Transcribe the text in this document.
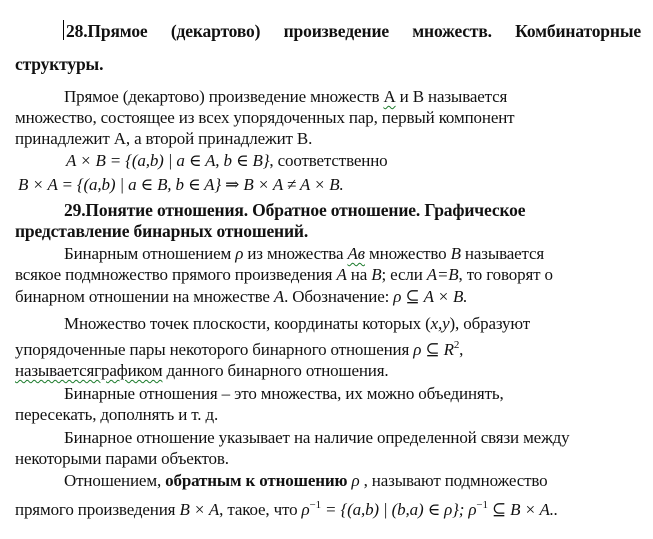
28.Прямое (декартово) произведение множеств. Комбинаторные
структуры.
Прямое (декартово) произведение множеств А и В называется
множество, состоящее из всех упорядоченных пар, первый компонент
принадлежит А, а второй принадлежит В.
A × B = {(a,b) | a ∈ A, b ∈ B}, соответственно
B × A = {(a,b) | a ∈ B, b ∈ A} ⇒ B × A ≠ A × B.
29.Понятие отношения. Обратное отношение. Графическое
представление бинарных отношений.
Бинарным отношением ρ из множества Ав множество В называется
всякое подмножество прямого произведения А на В; если А=В, то говорят о
бинарном отношении на множестве А. Обозначение: ρ ⊆ A × B.
Множество точек плоскости, координаты которых (x,y), образуют
упорядоченные пары некоторого бинарного отношения ρ ⊆ $R^2$,
называетсяграфиком данного бинарного отношения.
Бинарные отношения – это множества, их можно объединять,
пересекать, дополнять и т. д.
Бинарное отношение указывает на наличие определенной связи между
некоторыми парами объектов.
Отношением, обратным к отношению ρ , называют подмножество
прямого произведения B × A, такое, что $\rho^{-1} = \{(a,b)$ | (b,a) ∈ ρ}; $\rho^{-1}$ ⊆ B × A..
